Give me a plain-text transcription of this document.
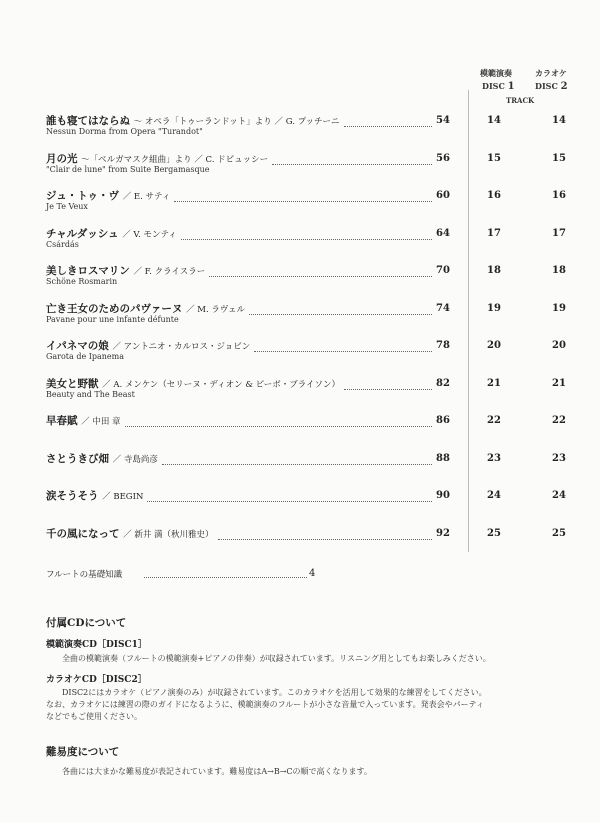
模範演奏	カラオケ
DISC 1	DISC 2
TRACK
誰も寝てはならぬ 〜 オペラ「トゥーランドット」より ／ G. プッチーニ
Nessun Dorma from Opera "Turandot"
54	14	14
月の光 〜「ベルガマスク組曲」より ／ C. ドビュッシー
"Clair de lune" from Suite Bergamasque
56	15	15
ジュ・トゥ・ヴ ／ E. サティ
Je Te Veux
60	16	16
チャルダッシュ ／ V. モンティ
Csárdás
64	17	17
美しきロスマリン ／ F. クライスラー
Schöne Rosmarin
70	18	18
亡き王女のためのパヴァーヌ ／ M. ラヴェル
Pavane pour une infante défunte
74	19	19
イパネマの娘 ／ アントニオ・カルロス・ジョビン
Garota de Ipanema
78	20	20
美女と野獣 ／ A. メンケン（セリーヌ・ディオン & ピーボ・ブライソン）
Beauty and The Beast
82	21	21
早春賦 ／ 中田 章	86	22	22
さとうきび畑 ／ 寺島尚彦	88	23	23
涙そうそう ／ BEGIN	90	24	24
千の風になって ／ 新井 満（秋川雅史）	92	25	25
フルートの基礎知識	4
付属CDについて
模範演奏CD［DISC1］
全曲の模範演奏（フルートの模範演奏+ピアノの伴奏）が収録されています。リスニング用としてもお楽しみください。
カラオケCD［DISC2］
DISC2にはカラオケ（ピアノ演奏のみ）が収録されています。このカラオケを活用して効果的な練習をしてください。
なお、カラオケには練習の際のガイドになるように、模範演奏のフルートが小さな音量で入っています。発表会やパーティ
などでもご使用ください。
難易度について
各曲には大まかな難易度が表記されています。難易度はA→B→Cの順で高くなります。
